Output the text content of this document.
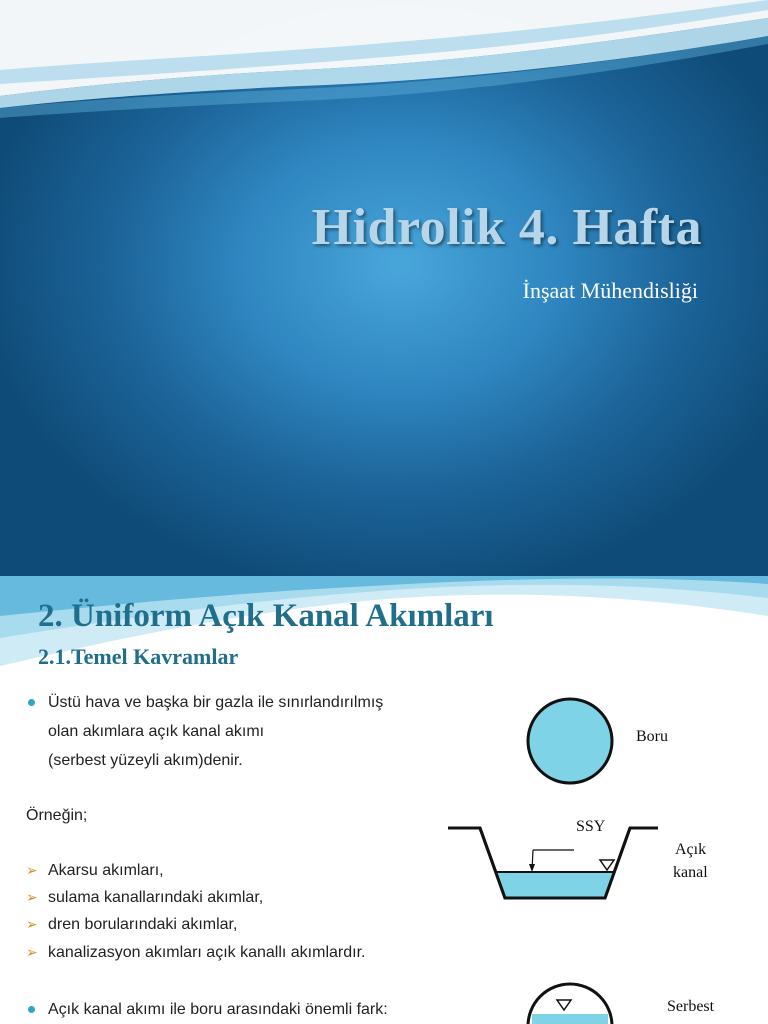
Hidrolik 4. Hafta

İnşaat Mühendisliği

2. Üniform Açık Kanal Akımları
2.1.Temel Kavramlar
Üstü hava ve başka bir gazla ile sınırlandırılmış
olan akımlara açık kanal akımı
(serbest yüzeyli akım)denir.
Örneğin;
➢ Akarsu akımları,
➢ sulama kanallarındaki akımlar,
➢ dren borularındaki akımlar,
➢ kanalizasyon akımları açık kanallı akımlardır.
Açık kanal akımı ile boru arasındaki önemli fark:
Boru
SSY
Açık
kanal
Serbest
